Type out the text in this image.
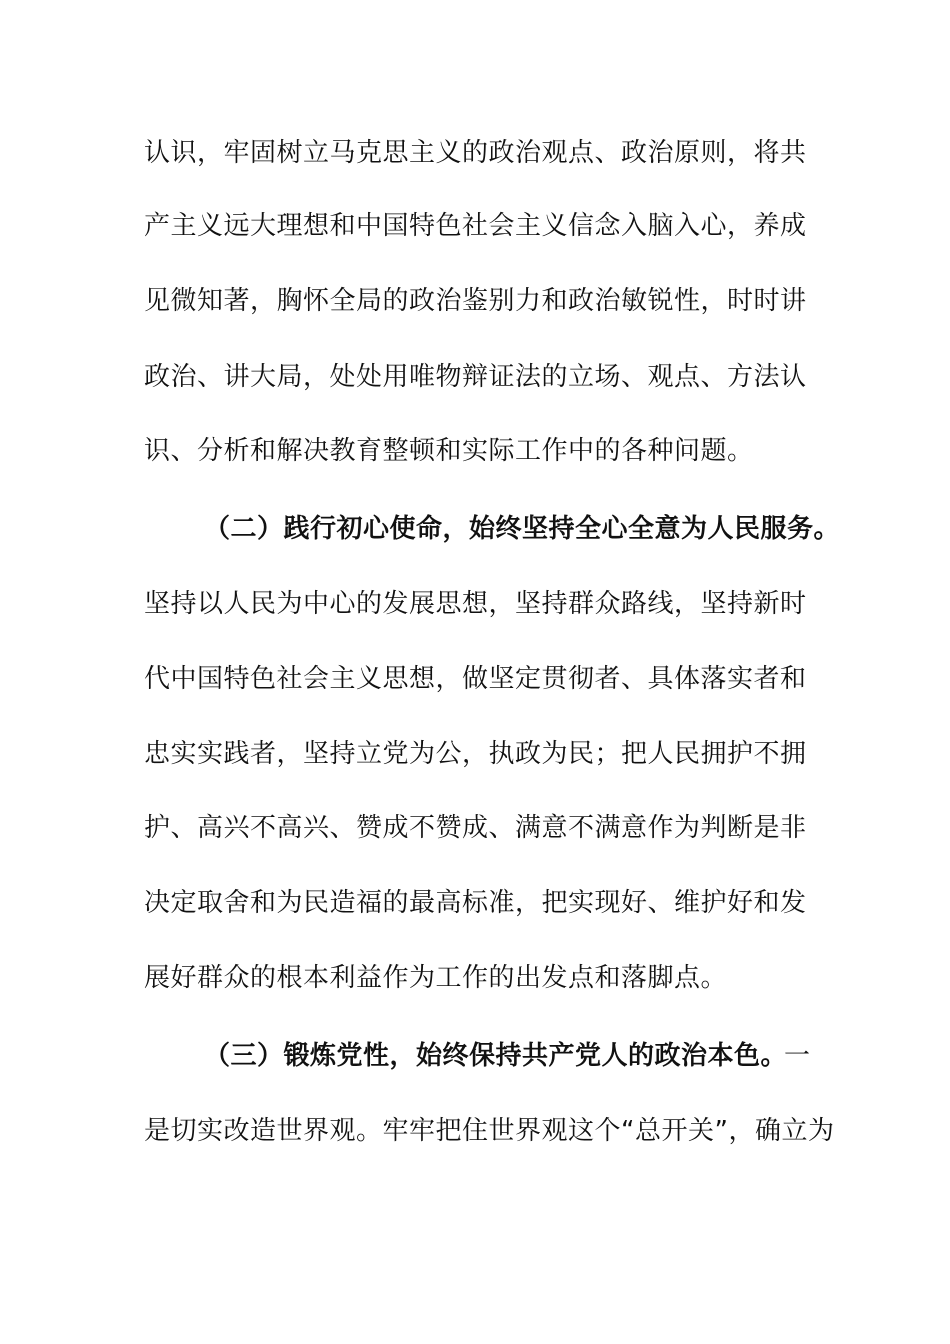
认识，牢固树立马克思主义的政治观点、政治原则，将共
产主义远大理想和中国特色社会主义信念入脑入心，养成
见微知著，胸怀全局的政治鉴别力和政治敏锐性，时时讲
政治、讲大局，处处用唯物辩证法的立场、观点、方法认
识、分析和解决教育整顿和实际工作中的各种问题。
（二）践行初心使命，始终坚持全心全意为人民服务。
坚持以人民为中心的发展思想，坚持群众路线，坚持新时
代中国特色社会主义思想，做坚定贯彻者、具体落实者和
忠实实践者，坚持立党为公，执政为民；把人民拥护不拥
护、高兴不高兴、赞成不赞成、满意不满意作为判断是非
决定取舍和为民造福的最高标准，把实现好、维护好和发
展好群众的根本利益作为工作的出发点和落脚点。
（三）锻炼党性，始终保持共产党人的政治本色。
一
是切实改造世界观。牢牢把住世界观这个“总开关”，确立为
